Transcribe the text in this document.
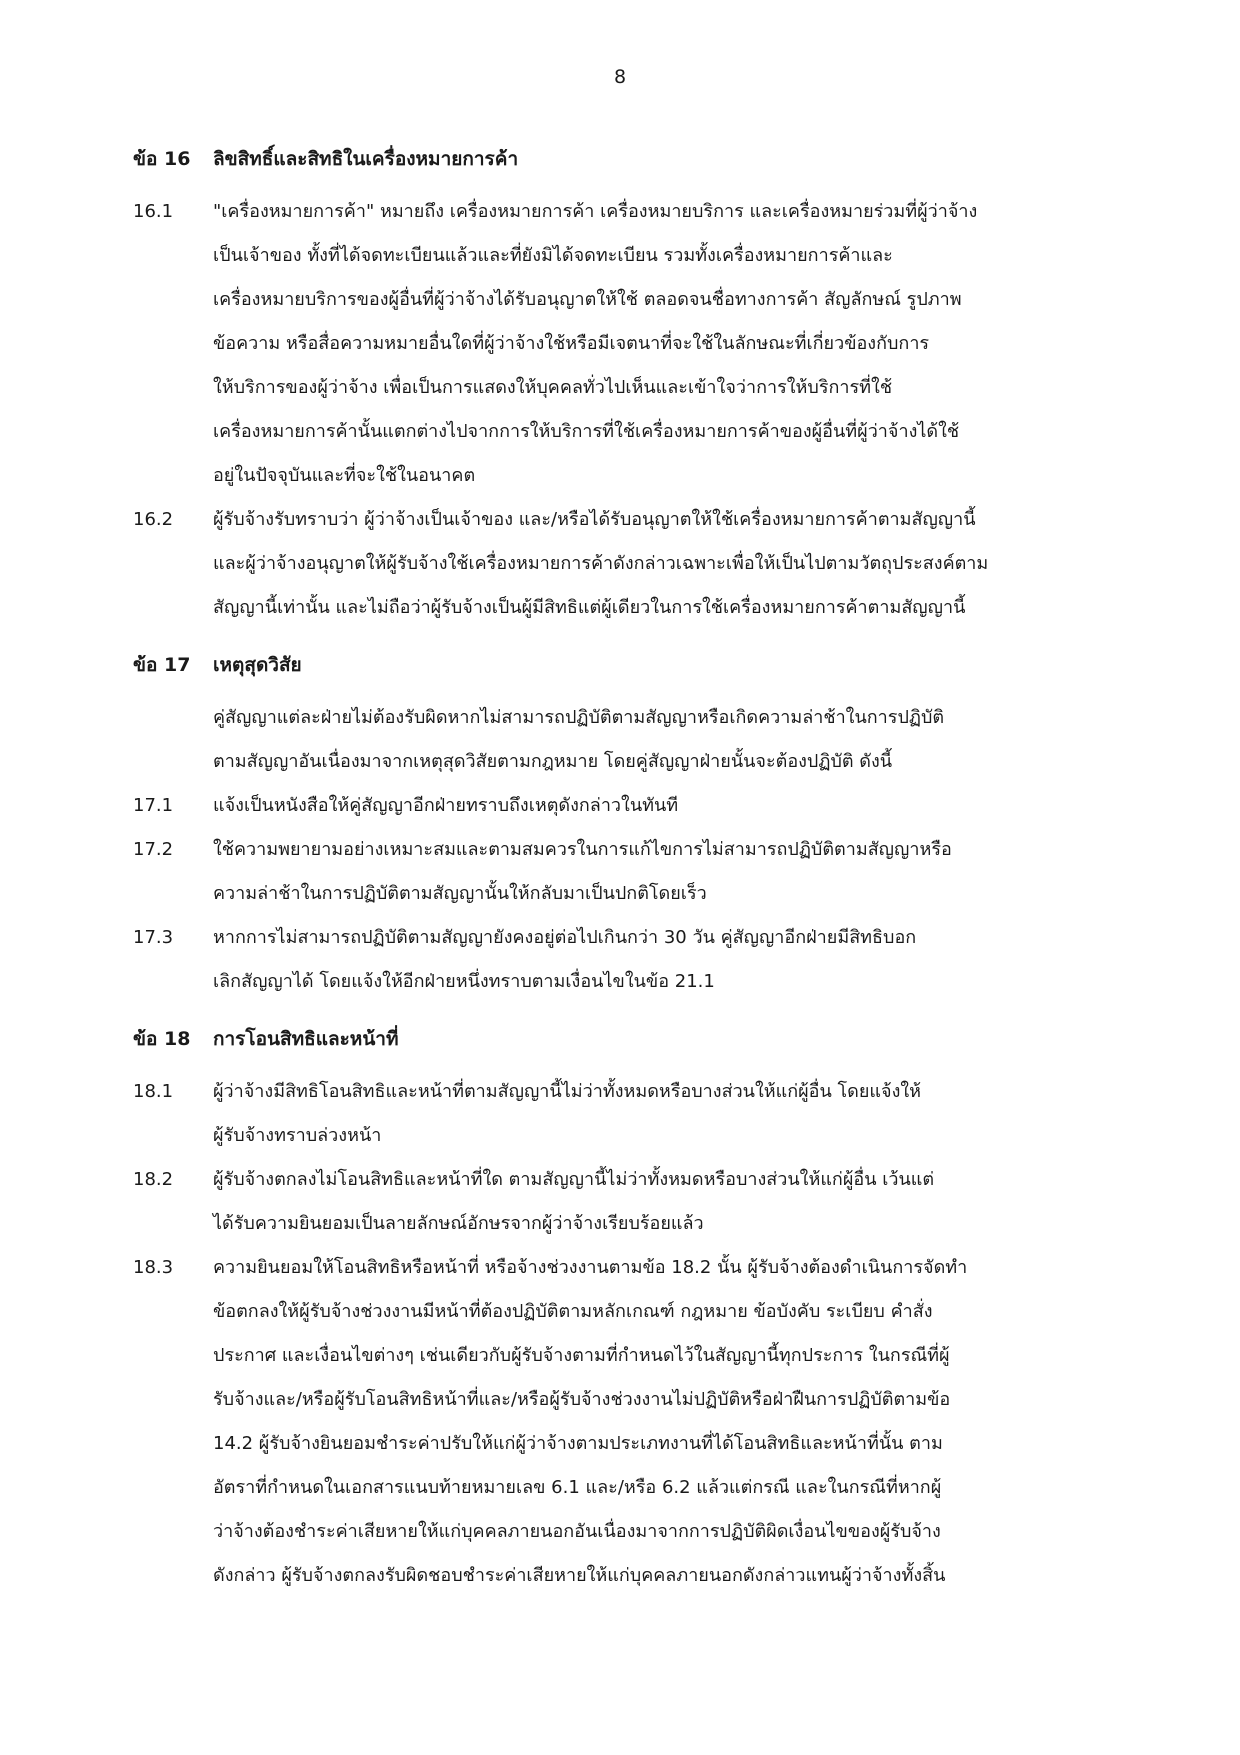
8
ข้อ 16	ลิขสิทธิ์และสิทธิในเครื่องหมายการค้า
16.1	"เครื่องหมายการค้า" หมายถึง เครื่องหมายการค้า เครื่องหมายบริการ และเครื่องหมายร่วมที่ผู้ว่าจ้าง
เป็นเจ้าของ ทั้งที่ได้จดทะเบียนแล้วและที่ยังมิได้จดทะเบียน รวมทั้งเครื่องหมายการค้าและ
เครื่องหมายบริการของผู้อื่นที่ผู้ว่าจ้างได้รับอนุญาตให้ใช้ ตลอดจนชื่อทางการค้า สัญลักษณ์ รูปภาพ
ข้อความ หรือสื่อความหมายอื่นใดที่ผู้ว่าจ้างใช้หรือมีเจตนาที่จะใช้ในลักษณะที่เกี่ยวข้องกับการ
ให้บริการของผู้ว่าจ้าง เพื่อเป็นการแสดงให้บุคคลทั่วไปเห็นและเข้าใจว่าการให้บริการที่ใช้
เครื่องหมายการค้านั้นแตกต่างไปจากการให้บริการที่ใช้เครื่องหมายการค้าของผู้อื่นที่ผู้ว่าจ้างได้ใช้
อยู่ในปัจจุบันและที่จะใช้ในอนาคต
16.2	ผู้รับจ้างรับทราบว่า ผู้ว่าจ้างเป็นเจ้าของ และ/หรือได้รับอนุญาตให้ใช้เครื่องหมายการค้าตามสัญญานี้
และผู้ว่าจ้างอนุญาตให้ผู้รับจ้างใช้เครื่องหมายการค้าดังกล่าวเฉพาะเพื่อให้เป็นไปตามวัตถุประสงค์ตาม
สัญญานี้เท่านั้น และไม่ถือว่าผู้รับจ้างเป็นผู้มีสิทธิแต่ผู้เดียวในการใช้เครื่องหมายการค้าตามสัญญานี้
ข้อ 17	เหตุสุดวิสัย
คู่สัญญาแต่ละฝ่ายไม่ต้องรับผิดหากไม่สามารถปฏิบัติตามสัญญาหรือเกิดความล่าช้าในการปฏิบัติ
ตามสัญญาอันเนื่องมาจากเหตุสุดวิสัยตามกฎหมาย โดยคู่สัญญาฝ่ายนั้นจะต้องปฏิบัติ ดังนี้
17.1	แจ้งเป็นหนังสือให้คู่สัญญาอีกฝ่ายทราบถึงเหตุดังกล่าวในทันที
17.2	ใช้ความพยายามอย่างเหมาะสมและตามสมควรในการแก้ไขการไม่สามารถปฏิบัติตามสัญญาหรือ
ความล่าช้าในการปฏิบัติตามสัญญานั้นให้กลับมาเป็นปกติโดยเร็ว
17.3	หากการไม่สามารถปฏิบัติตามสัญญายังคงอยู่ต่อไปเกินกว่า 30 วัน คู่สัญญาอีกฝ่ายมีสิทธิบอก
เลิกสัญญาได้ โดยแจ้งให้อีกฝ่ายหนึ่งทราบตามเงื่อนไขในข้อ 21.1
ข้อ 18	การโอนสิทธิและหน้าที่
18.1	ผู้ว่าจ้างมีสิทธิโอนสิทธิและหน้าที่ตามสัญญานี้ไม่ว่าทั้งหมดหรือบางส่วนให้แก่ผู้อื่น โดยแจ้งให้
ผู้รับจ้างทราบล่วงหน้า
18.2	ผู้รับจ้างตกลงไม่โอนสิทธิและหน้าที่ใด ตามสัญญานี้ไม่ว่าทั้งหมดหรือบางส่วนให้แก่ผู้อื่น เว้นแต่
ได้รับความยินยอมเป็นลายลักษณ์อักษรจากผู้ว่าจ้างเรียบร้อยแล้ว
18.3	ความยินยอมให้โอนสิทธิหรือหน้าที่ หรือจ้างช่วงงานตามข้อ 18.2 นั้น ผู้รับจ้างต้องดำเนินการจัดทำ
ข้อตกลงให้ผู้รับจ้างช่วงงานมีหน้าที่ต้องปฏิบัติตามหลักเกณฑ์ กฎหมาย ข้อบังคับ ระเบียบ คำสั่ง
ประกาศ และเงื่อนไขต่างๆ เช่นเดียวกับผู้รับจ้างตามที่กำหนดไว้ในสัญญานี้ทุกประการ ในกรณีที่ผู้
รับจ้างและ/หรือผู้รับโอนสิทธิหน้าที่และ/หรือผู้รับจ้างช่วงงานไม่ปฏิบัติหรือฝ่าฝืนการปฏิบัติตามข้อ
14.2 ผู้รับจ้างยินยอมชำระค่าปรับให้แก่ผู้ว่าจ้างตามประเภทงานที่ได้โอนสิทธิและหน้าที่นั้น ตาม
อัตราที่กำหนดในเอกสารแนบท้ายหมายเลข 6.1 และ/หรือ 6.2 แล้วแต่กรณี และในกรณีที่หากผู้
ว่าจ้างต้องชำระค่าเสียหายให้แก่บุคคลภายนอกอันเนื่องมาจากการปฏิบัติผิดเงื่อนไขของผู้รับจ้าง
ดังกล่าว ผู้รับจ้างตกลงรับผิดชอบชำระค่าเสียหายให้แก่บุคคลภายนอกดังกล่าวแทนผู้ว่าจ้างทั้งสิ้น
